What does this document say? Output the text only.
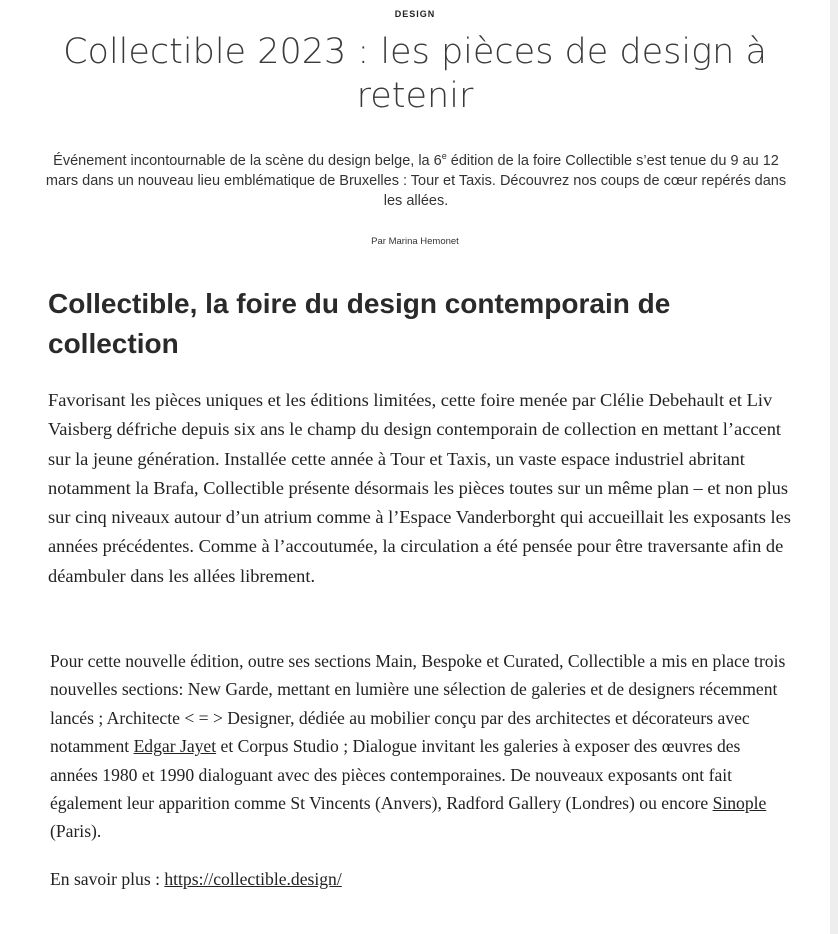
DESIGN
Collectible 2023 : les pièces de design à retenir

Événement incontournable de la scène du design belge, la 6e édition de la foire Collectible s’est tenue du 9 au 12 mars dans un nouveau lieu emblématique de Bruxelles : Tour et Taxis. Découvrez nos coups de cœur repérés dans les allées.

Par Marina Hemonet
Collectible, la foire du design contemporain de collection

Favorisant les pièces uniques et les éditions limitées, cette foire menée par Clélie Debehault et Liv Vaisberg défriche depuis six ans le champ du design contemporain de collection en mettant l’accent sur la jeune génération. Installée cette année à Tour et Taxis, un vaste espace industriel abritant notamment la Brafa, Collectible présente désormais les pièces toutes sur un même plan – et non plus sur cinq niveaux autour d’un atrium comme à l’Espace Vanderborght qui accueillait les exposants les années précédentes. Comme à l’accoutumée, la circulation a été pensée pour être traversante afin de déambuler dans les allées librement.

Pour cette nouvelle édition, outre ses sections Main, Bespoke et Curated, Collectible a mis en place trois nouvelles sections: New Garde, mettant en lumière une sélection de galeries et de designers récemment lancés ; Architecte < = > Designer, dédiée au mobilier conçu par des architectes et décorateurs avec notamment Edgar Jayet et Corpus Studio ; Dialogue invitant les galeries à exposer des œuvres des années 1980 et 1990 dialoguant avec des pièces contemporaines. De nouveaux exposants ont fait également leur apparition comme St Vincents (Anvers), Radford Gallery (Londres) ou encore Sinople (Paris).

En savoir plus : https://collectible.design/
